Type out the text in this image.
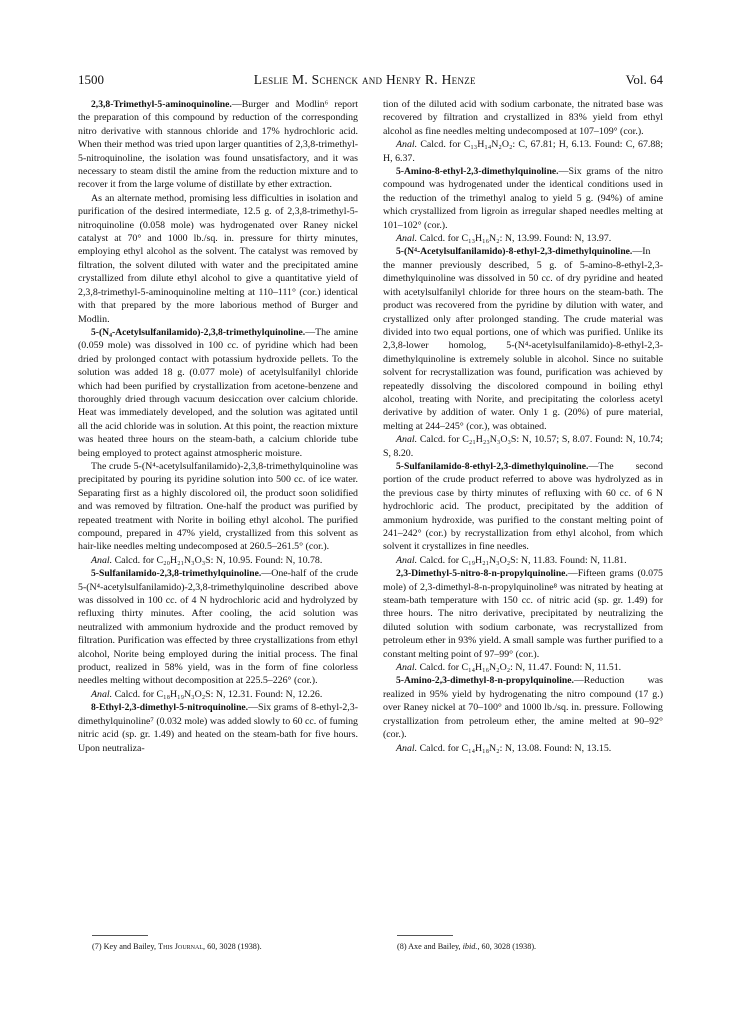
1500	Leslie M. Schenck and Henry R. Henze	Vol. 64

2,3,8-Trimethyl-5-aminoquinoline.—Burger and Modlin⁶ report the preparation of this compound by reduction of the corresponding nitro derivative with stannous chloride and 17% hydrochloric acid. When their method was tried upon larger quantities of 2,3,8-trimethyl-5-nitroquinoline, the isolation was found unsatisfactory, and it was necessary to steam distil the amine from the reduction mixture and to recover it from the large volume of distillate by ether extraction.

As an alternate method, promising less difficulties in isolation and purification of the desired intermediate, 12.5 g. of 2,3,8-trimethyl-5-nitroquinoline (0.058 mole) was hydrogenated over Raney nickel catalyst at 70° and 1000 lb./sq. in. pressure for thirty minutes, employing ethyl alcohol as the solvent. The catalyst was removed by filtration, the solvent diluted with water and the precipitated amine crystallized from dilute ethyl alcohol to give a quantitative yield of 2,3,8-trimethyl-5-aminoquinoline melting at 110–111° (cor.) identical with that prepared by the more laborious method of Burger and Modlin.

5-(N₄-Acetylsulfanilamido)-2,3,8-trimethylquinoline.—The amine (0.059 mole) was dissolved in 100 cc. of pyridine which had been dried by prolonged contact with potassium hydroxide pellets. To the solution was added 18 g. (0.077 mole) of acetylsulfanilyl chloride which had been purified by crystallization from acetone-benzene and thoroughly dried through vacuum desiccation over calcium chloride. Heat was immediately developed, and the solution was agitated until all the acid chloride was in solution. At this point, the reaction mixture was heated three hours on the steam-bath, a calcium chloride tube being employed to protect against atmospheric moisture.

The crude 5-(N⁴-acetylsulfanilamido)-2,3,8-trimethylquinoline was precipitated by pouring its pyridine solution into 500 cc. of ice water. Separating first as a highly discolored oil, the product soon solidified and was removed by filtration. One-half the product was purified by repeated treatment with Norite in boiling ethyl alcohol. The purified compound, prepared in 47% yield, crystallized from this solvent as hair-like needles melting undecomposed at 260.5–261.5° (cor.).

Anal. Calcd. for C₂₀H₂₁N₃O₃S: N, 10.95. Found: N, 10.78.

5-Sulfanilamido-2,3,8-trimethylquinoline.—One-half of the crude 5-(N⁴-acetylsulfanilamido)-2,3,8-trimethylquinoline described above was dissolved in 100 cc. of 4 N hydrochloric acid and hydrolyzed by refluxing thirty minutes. After cooling, the acid solution was neutralized with ammonium hydroxide and the product removed by filtration. Purification was effected by three crystallizations from ethyl alcohol, Norite being employed during the initial process. The final product, realized in 58% yield, was in the form of fine colorless needles melting without decomposition at 225.5–226° (cor.).

Anal. Calcd. for C₁₈H₁₉N₃O₂S: N, 12.31. Found: N, 12.26.

8-Ethyl-2,3-dimethyl-5-nitroquinoline.—Six grams of 8-ethyl-2,3-dimethylquinoline⁷ (0.032 mole) was added slowly to 60 cc. of fuming nitric acid (sp. gr. 1.49) and heated on the steam-bath for five hours. Upon neutraliza-

tion of the diluted acid with sodium carbonate, the nitrated base was recovered by filtration and crystallized in 83% yield from ethyl alcohol as fine needles melting undecomposed at 107–109° (cor.).

Anal. Calcd. for C₁₃H₁₄N₂O₂: C, 67.81; H, 6.13. Found: C, 67.88; H, 6.37.

5-Amino-8-ethyl-2,3-dimethylquinoline.—Six grams of the nitro compound was hydrogenated under the identical conditions used in the reduction of the trimethyl analog to yield 5 g. (94%) of amine which crystallized from ligroin as irregular shaped needles melting at 101–102° (cor.).

Anal. Calcd. for C₁₃H₁₆N₂: N, 13.99. Found: N, 13.97.

5-(N⁴-Acetylsulfanilamido)-8-ethyl-2,3-dimethylquinoline.—In the manner previously described, 5 g. of 5-amino-8-ethyl-2,3-dimethylquinoline was dissolved in 50 cc. of dry pyridine and heated with acetylsulfanilyl chloride for three hours on the steam-bath. The product was recovered from the pyridine by dilution with water, and crystallized only after prolonged standing. The crude material was divided into two equal portions, one of which was purified. Unlike its 2,3,8-lower homolog, 5-(N⁴-acetylsulfanilamido)-8-ethyl-2,3-dimethylquinoline is extremely soluble in alcohol. Since no suitable solvent for recrystallization was found, purification was achieved by repeatedly dissolving the discolored compound in boiling ethyl alcohol, treating with Norite, and precipitating the colorless acetyl derivative by addition of water. Only 1 g. (20%) of pure material, melting at 244–245° (cor.), was obtained.

Anal. Calcd. for C₂₁H₂₃N₃O₃S: N, 10.57; S, 8.07. Found: N, 10.74; S, 8.20.

5-Sulfanilamido-8-ethyl-2,3-dimethylquinoline.—The second portion of the crude product referred to above was hydrolyzed as in the previous case by thirty minutes of refluxing with 60 cc. of 6 N hydrochloric acid. The product, precipitated by the addition of ammonium hydroxide, was purified to the constant melting point of 241–242° (cor.) by recrystallization from ethyl alcohol, from which solvent it crystallizes in fine needles.

Anal. Calcd. for C₁₉H₂₁N₃O₂S: N, 11.83. Found: N, 11.81.

2,3-Dimethyl-5-nitro-8-n-propylquinoline.—Fifteen grams (0.075 mole) of 2,3-dimethyl-8-n-propylquinoline⁸ was nitrated by heating at steam-bath temperature with 150 cc. of nitric acid (sp. gr. 1.49) for three hours. The nitro derivative, precipitated by neutralizing the diluted solution with sodium carbonate, was recrystallized from petroleum ether in 93% yield. A small sample was further purified to a constant melting point of 97–99° (cor.).

Anal. Calcd. for C₁₄H₁₆N₂O₂: N, 11.47. Found: N, 11.51.

5-Amino-2,3-dimethyl-8-n-propylquinoline.—Reduction was realized in 95% yield by hydrogenating the nitro compound (17 g.) over Raney nickel at 70–100° and 1000 lb./sq. in. pressure. Following crystallization from petroleum ether, the amine melted at 90–92° (cor.).

Anal. Calcd. for C₁₄H₁₈N₂: N, 13.08. Found: N, 13.15.

(7) Key and Bailey, This Journal, 60, 3028 (1938).	(8) Axe and Bailey, ibid., 60, 3028 (1938).
